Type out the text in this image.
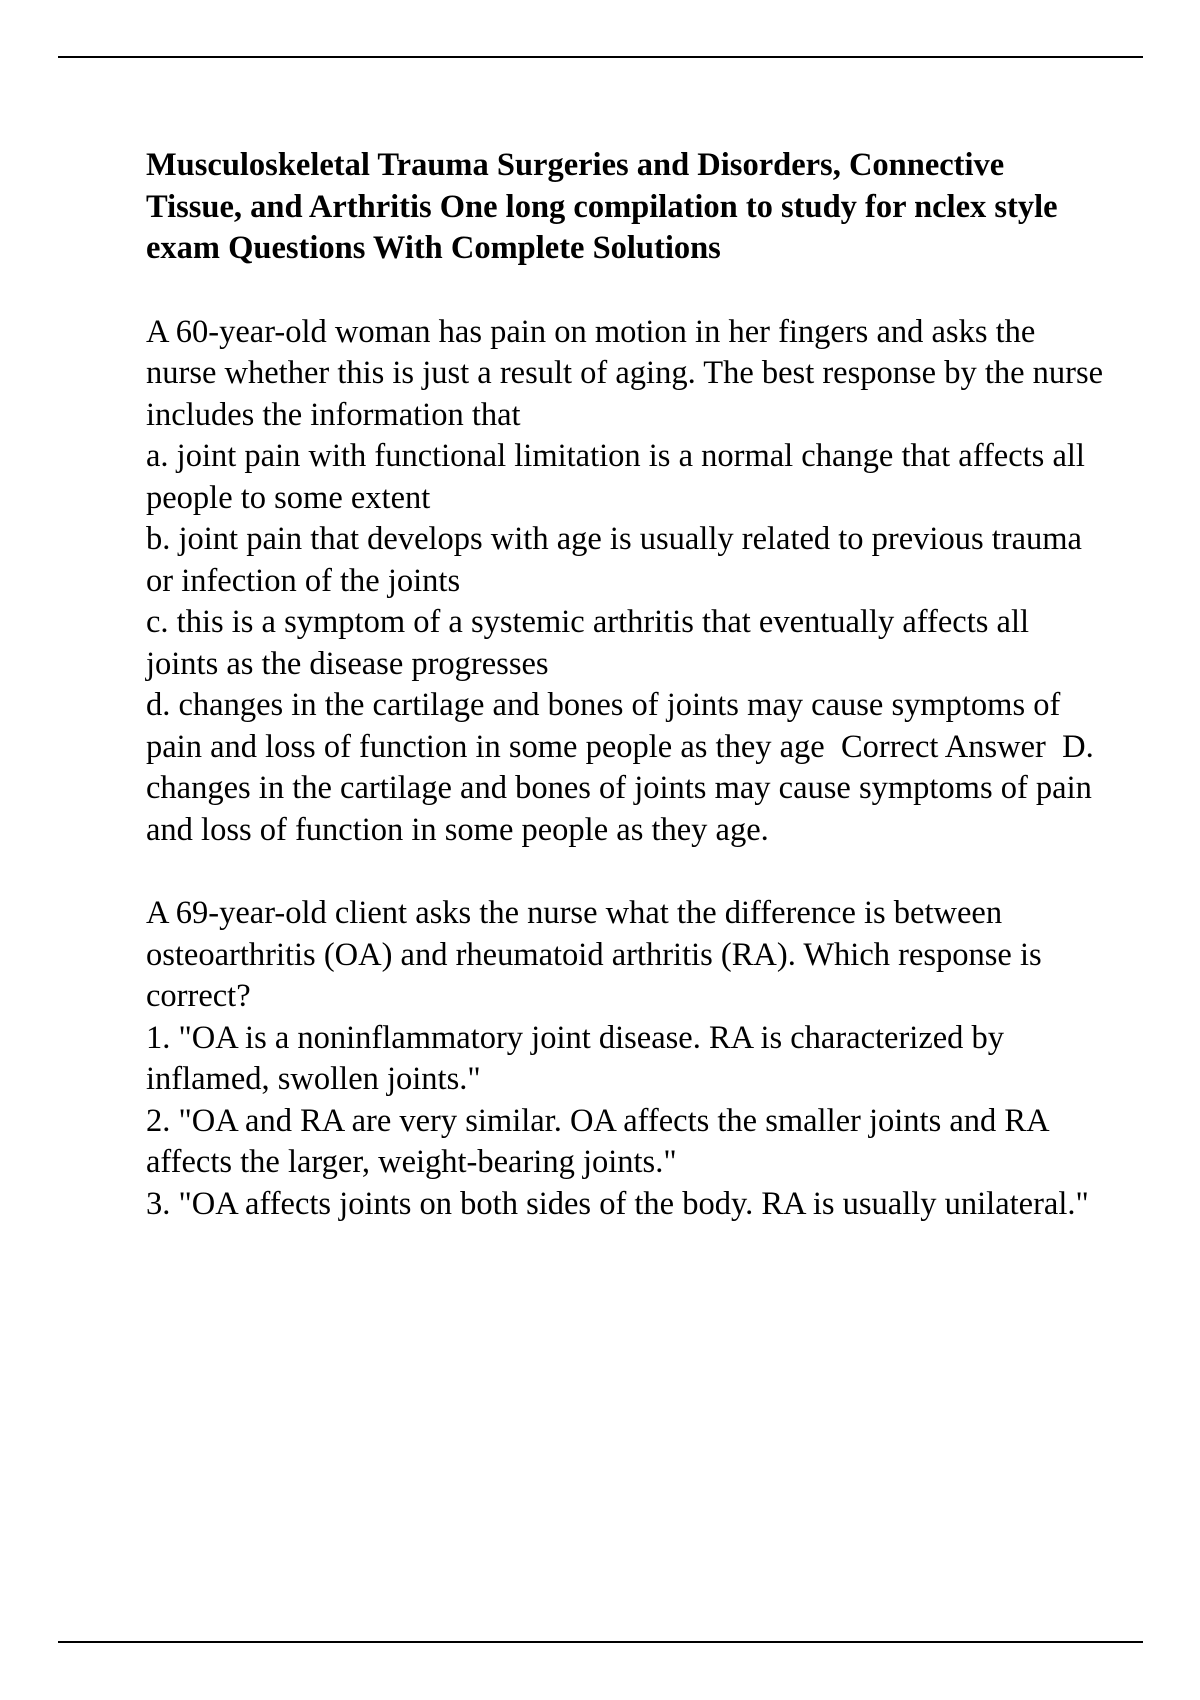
Musculoskeletal Trauma Surgeries and Disorders, Connective Tissue, and Arthritis One long compilation to study for nclex style exam Questions With Complete Solutions

A 60-year-old woman has pain on motion in her fingers and asks the nurse whether this is just a result of aging. The best response by the nurse includes the information that

a. joint pain with functional limitation is a normal change that affects all people to some extent

b. joint pain that develops with age is usually related to previous trauma or infection of the joints

c. this is a symptom of a systemic arthritis that eventually affects all joints as the disease progresses

d. changes in the cartilage and bones of joints may cause symptoms of pain and loss of function in some people as they age  Correct Answer  D. changes in the cartilage and bones of joints may cause symptoms of pain and loss of function in some people as they age.

A 69-year-old client asks the nurse what the difference is between osteoarthritis (OA) and rheumatoid arthritis (RA). Which response is correct?

1. "OA is a noninflammatory joint disease. RA is characterized by inflamed, swollen joints."

2. "OA and RA are very similar. OA affects the smaller joints and RA affects the larger, weight-bearing joints."

3. "OA affects joints on both sides of the body. RA is usually unilateral."
